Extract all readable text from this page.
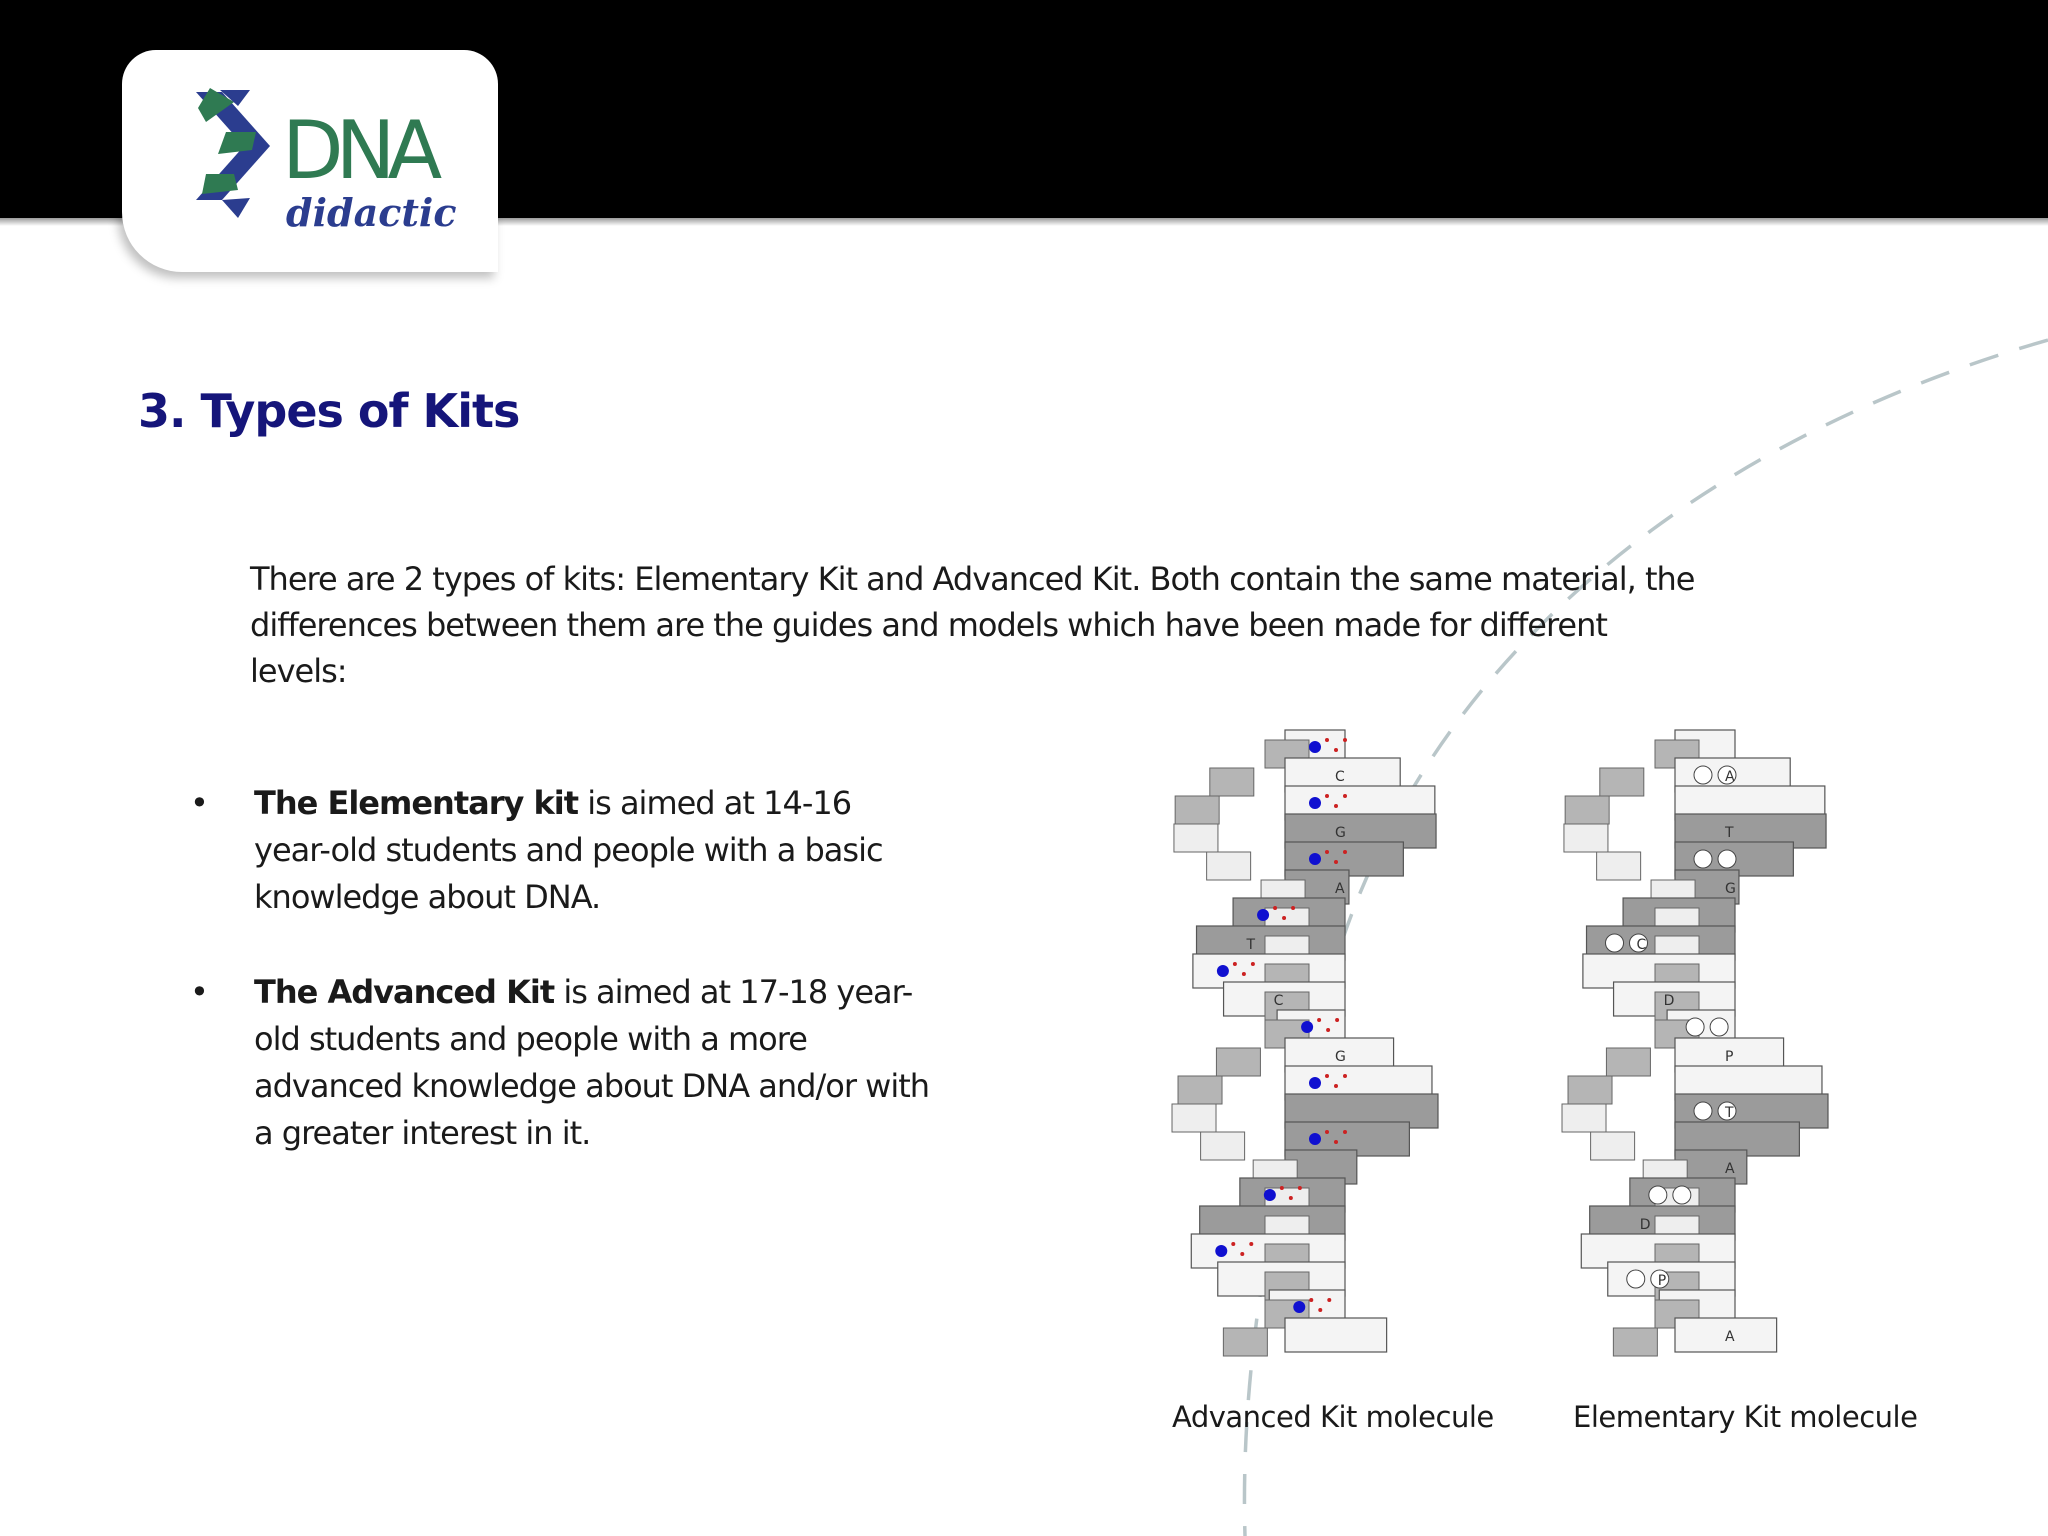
DNA
didactic
3. Types of Kits

There are 2 types of kits: Elementary Kit and Advanced Kit. Both contain the same material, the
differences between them are the guides and models which have been made for different levels:

• The Elementary kit is aimed at 14-16 year-old students and people with a basic knowledge about DNA.
• The Advanced Kit is aimed at 17-18 year-old students and people with a more advanced knowledge about DNA and/or with a greater interest in it.
C
G
A
T
C
G
A
T
G
C
D
P
T
A
D
P
A
Advanced Kit molecule	Elementary Kit molecule
